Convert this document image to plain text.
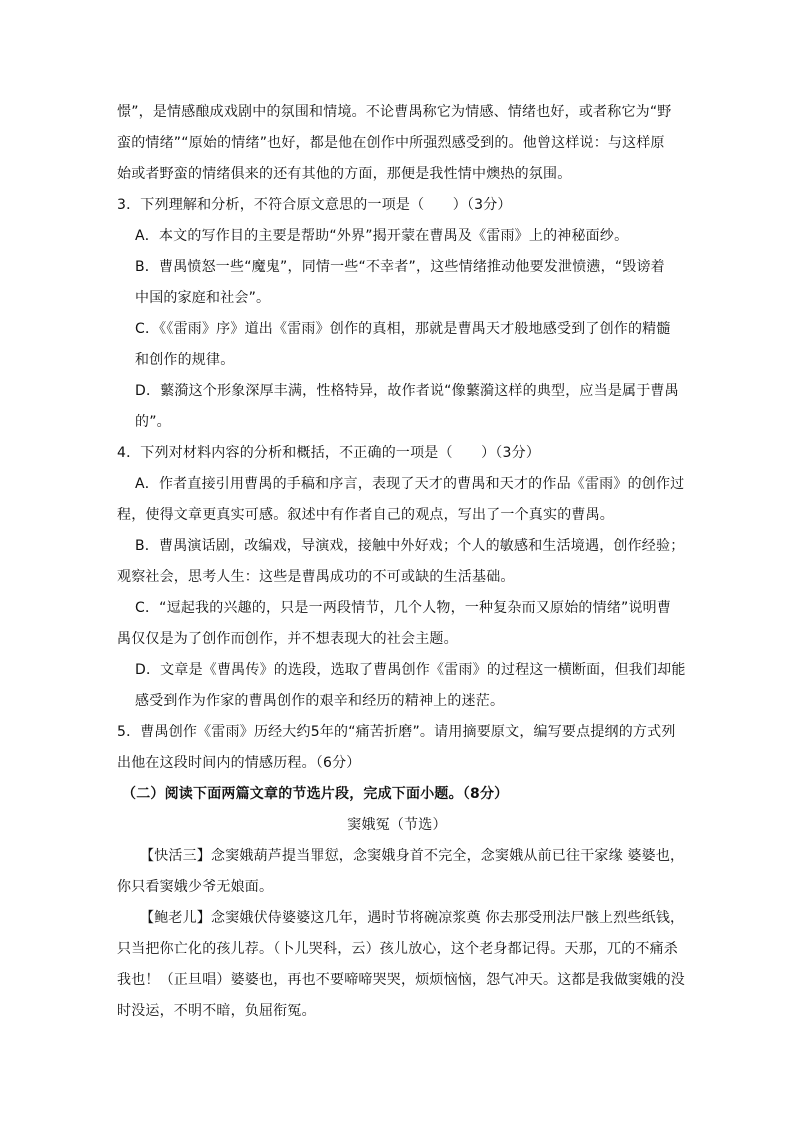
憬”，是情感酿成戏剧中的氛围和情境。不论曹禺称它为情感、情绪也好，或者称它为“野
蛮的情绪”“原始的情绪”也好，都是他在创作中所强烈感受到的。他曾这样说：与这样原
始或者野蛮的情绪俱来的还有其他的方面，那便是我性情中燠热的氛围。
3．下列理解和分析，不符合原文意思的一项是（　　）（3分）
A．本文的写作目的主要是帮助“外界”揭开蒙在曹禺及《雷雨》上的神秘面纱。
B．曹禺愤怒一些“魔鬼”，同情一些“不幸者”，这些情绪推动他要发泄愤懑，“毁谤着
中国的家庭和社会”。
C．《《雷雨》序》道出《雷雨》创作的真相，那就是曹禺天才般地感受到了创作的精髓
和创作的规律。
D．蘩漪这个形象深厚丰满，性格特异，故作者说“像蘩漪这样的典型，应当是属于曹禺
的”。
4．下列对材料内容的分析和概括，不正确的一项是（　　）（3分）
A．作者直接引用曹禺的手稿和序言，表现了天才的曹禺和天才的作品《雷雨》的创作过
程，使得文章更真实可感。叙述中有作者自己的观点，写出了一个真实的曹禺。
B．曹禺演话剧，改编戏，导演戏，接触中外好戏；个人的敏感和生活境遇，创作经验；
观察社会，思考人生：这些是曹禺成功的不可或缺的生活基础。
C．“逗起我的兴趣的，只是一两段情节，几个人物，一种复杂而又原始的情绪”说明曹
禺仅仅是为了创作而创作，并不想表现大的社会主题。
D．文章是《曹禺传》的选段，选取了曹禺创作《雷雨》的过程这一横断面，但我们却能
感受到作为作家的曹禺创作的艰辛和经历的精神上的迷茫。
5．曹禺创作《雷雨》历经大约5年的“痛苦折磨”。请用摘要原文，编写要点提纲的方式列
出他在这段时间内的情感历程。（6分）
（二）阅读下面两篇文章的节选片段，完成下面小题。（8分）
窦娥冤（节选）
【快活三】念窦娥葫芦提当罪愆，念窦娥身首不完全，念窦娥从前已往干家缘 婆婆也，
你只看窦娥少爷无娘面。
【鲍老儿】念窦娥伏侍婆婆这几年，遇时节将碗凉浆奠 你去那受刑法尸骸上烈些纸钱，
只当把你亡化的孩儿荐。（卜儿哭科，云）孩儿放心，这个老身都记得。天那，兀的不痛杀
我也！（正旦唱）婆婆也，再也不要啼啼哭哭，烦烦恼恼，怨气冲天。这都是我做窦娥的没
时没运，不明不暗，负屈衔冤。
